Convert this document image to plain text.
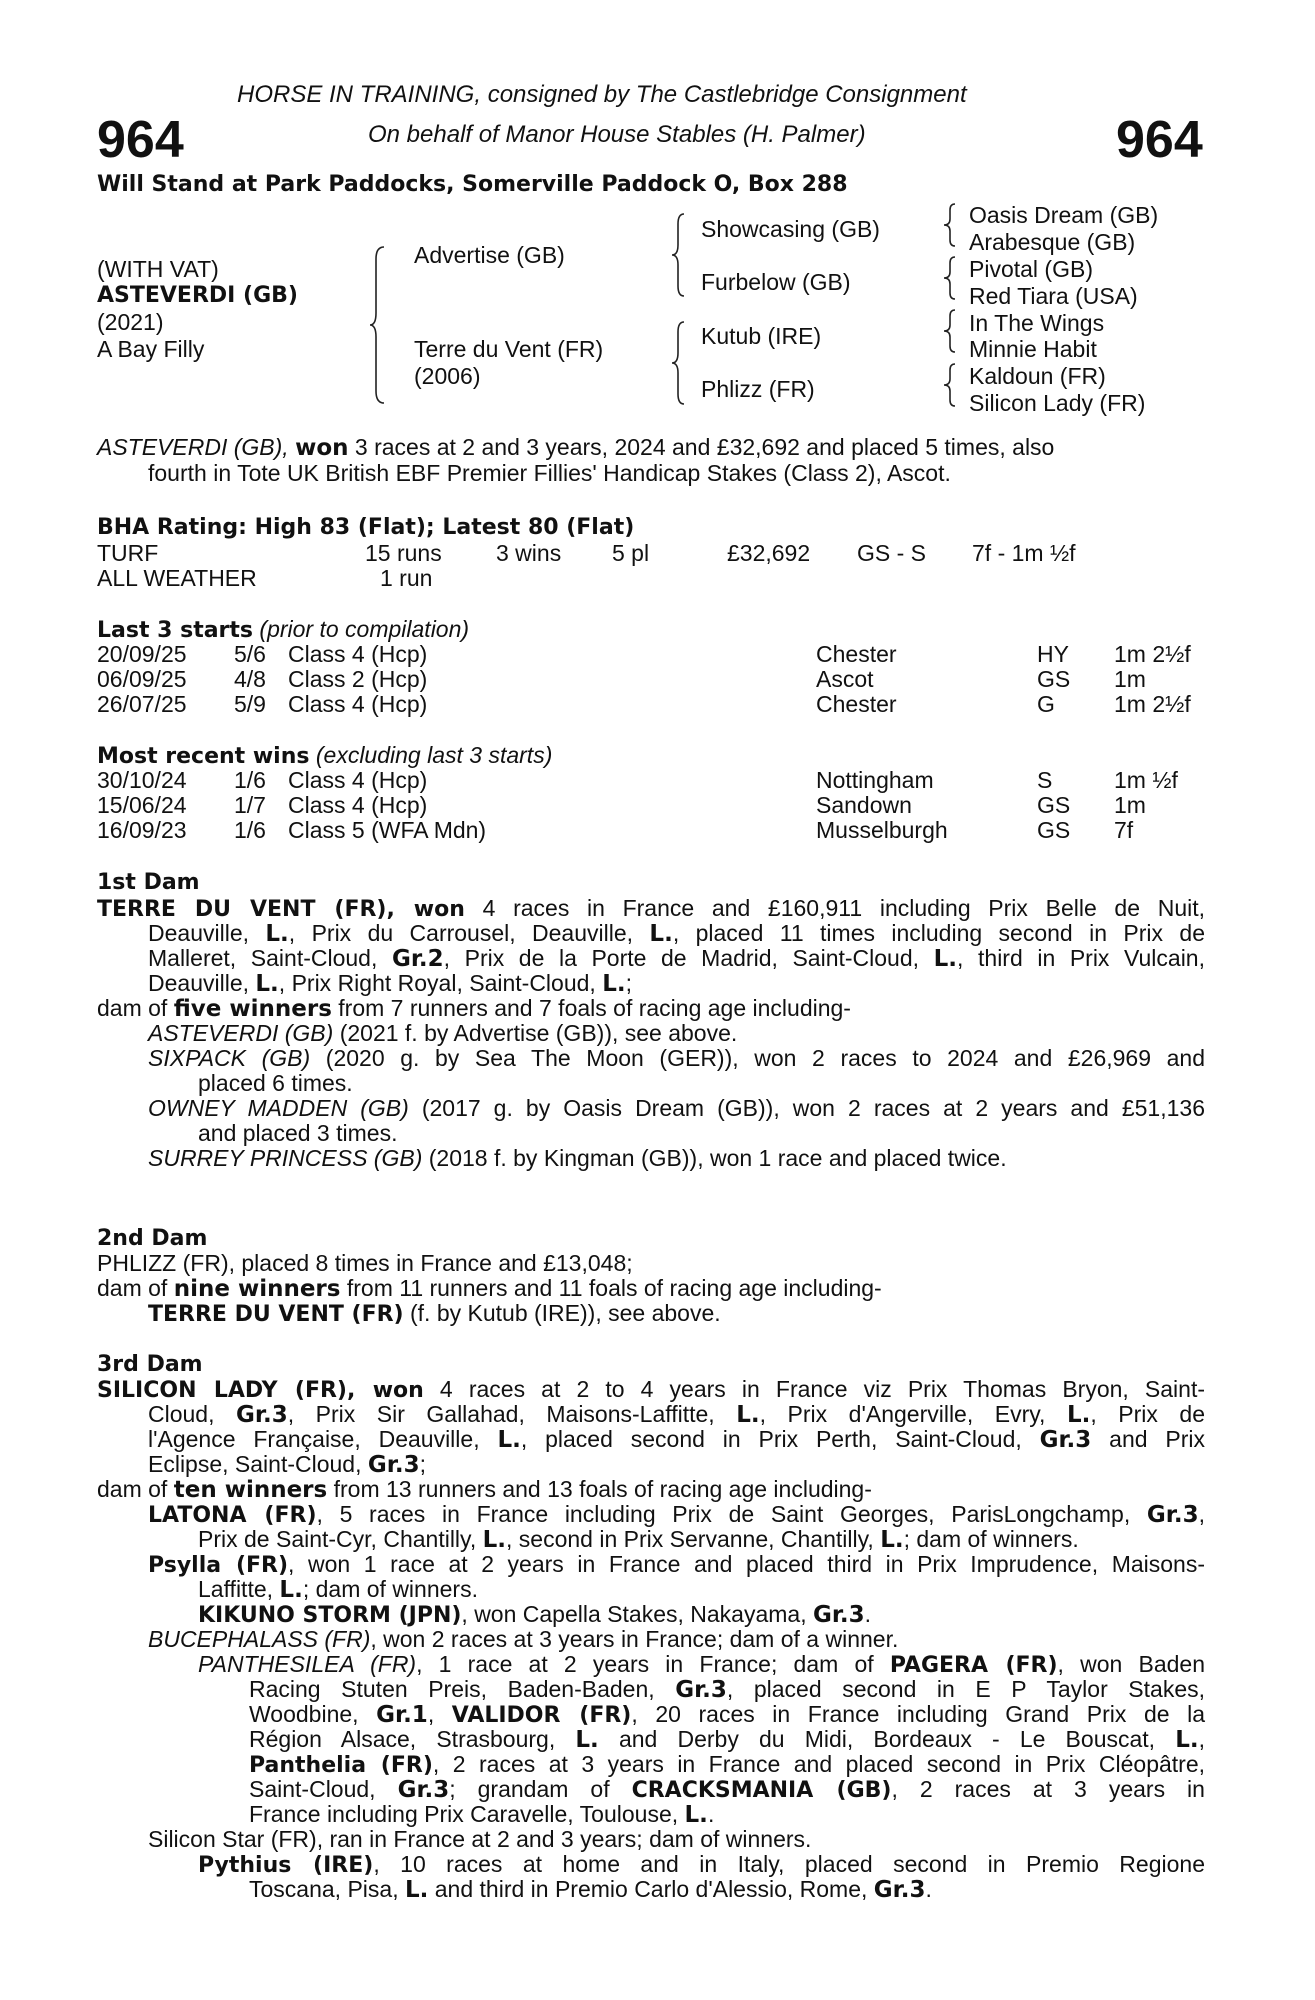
HORSE IN TRAINING, consigned by The Castlebridge Consignment
On behalf of Manor House Stables (H. Palmer)
964	964
Will Stand at Park Paddocks, Somerville Paddock O, Box 288
(WITH VAT)
ASTEVERDI (GB)
(2021)
A Bay Filly
Advertise (GB)
Terre du Vent (FR)
(2006)
Showcasing (GB)
Furbelow (GB)
Kutub (IRE)
Phlizz (FR)
Oasis Dream (GB)
Arabesque (GB)
Pivotal (GB)
Red Tiara (USA)
In The Wings
Minnie Habit
Kaldoun (FR)
Silicon Lady (FR)
ASTEVERDI (GB), won 3 races at 2 and 3 years, 2024 and £32,692 and placed 5 times, also
fourth in Tote UK British EBF Premier Fillies' Handicap Stakes (Class 2), Ascot.
BHA Rating: High 83 (Flat); Latest 80 (Flat)
TURF	15 runs 3 wins 5 pl	£32,692 GS - S 7f - 1m ½f
ALL WEATHER	1 run
Last 3 starts (prior to compilation)
20/09/25 5/6 Class 4 (Hcp)	Chester	HY 1m 2½f
06/09/25 4/8 Class 2 (Hcp)	Ascot	GS 1m
26/07/25 5/9 Class 4 (Hcp)	Chester	G	1m 2½f
Most recent wins (excluding last 3 starts)
30/10/24 1/6 Class 4 (Hcp)	Nottingham	S	1m ½f
15/06/24 1/7 Class 4 (Hcp)	Sandown	GS 1m
16/09/23 1/6 Class 5 (WFA Mdn)	Musselburgh	GS 7f
1st Dam
TERRE DU VENT (FR), won 4 races in France and £160,911 including Prix Belle de Nuit,
Deauville, L., Prix du Carrousel, Deauville, L., placed 11 times including second in Prix de
Malleret, Saint-Cloud, Gr.2, Prix de la Porte de Madrid, Saint-Cloud, L., third in Prix Vulcain,
Deauville, L., Prix Right Royal, Saint-Cloud, L.;
dam of five winners from 7 runners and 7 foals of racing age including-
ASTEVERDI (GB) (2021 f. by Advertise (GB)), see above.
SIXPACK (GB) (2020 g. by Sea The Moon (GER)), won 2 races to 2024 and £26,969 and
placed 6 times.
OWNEY MADDEN (GB) (2017 g. by Oasis Dream (GB)), won 2 races at 2 years and £51,136
and placed 3 times.
SURREY PRINCESS (GB) (2018 f. by Kingman (GB)), won 1 race and placed twice.
2nd Dam
PHLIZZ (FR), placed 8 times in France and £13,048;
dam of nine winners from 11 runners and 11 foals of racing age including-
TERRE DU VENT (FR) (f. by Kutub (IRE)), see above.
3rd Dam
SILICON LADY (FR), won 4 races at 2 to 4 years in France viz Prix Thomas Bryon, Saint-
Cloud, Gr.3, Prix Sir Gallahad, Maisons-Laffitte, L., Prix d'Angerville, Evry, L., Prix de
l'Agence Française, Deauville, L., placed second in Prix Perth, Saint-Cloud, Gr.3 and Prix
Eclipse, Saint-Cloud, Gr.3;
dam of ten winners from 13 runners and 13 foals of racing age including-
LATONA (FR), 5 races in France including Prix de Saint Georges, ParisLongchamp, Gr.3,
Prix de Saint-Cyr, Chantilly, L., second in Prix Servanne, Chantilly, L.; dam of winners.
Psylla (FR), won 1 race at 2 years in France and placed third in Prix Imprudence, Maisons-
Laffitte, L.; dam of winners.
KIKUNO STORM (JPN), won Capella Stakes, Nakayama, Gr.3.
BUCEPHALASS (FR), won 2 races at 3 years in France; dam of a winner.
PANTHESILEA (FR), 1 race at 2 years in France; dam of PAGERA (FR), won Baden
Racing Stuten Preis, Baden-Baden, Gr.3, placed second in E P Taylor Stakes,
Woodbine, Gr.1, VALIDOR (FR), 20 races in France including Grand Prix de la
Région Alsace, Strasbourg, L. and Derby du Midi, Bordeaux - Le Bouscat, L.,
Panthelia (FR), 2 races at 3 years in France and placed second in Prix Cléopâtre,
Saint-Cloud, Gr.3; grandam of CRACKSMANIA (GB), 2 races at 3 years in
France including Prix Caravelle, Toulouse, L..
Silicon Star (FR), ran in France at 2 and 3 years; dam of winners.
Pythius (IRE), 10 races at home and in Italy, placed second in Premio Regione
Toscana, Pisa, L. and third in Premio Carlo d'Alessio, Rome, Gr.3.
